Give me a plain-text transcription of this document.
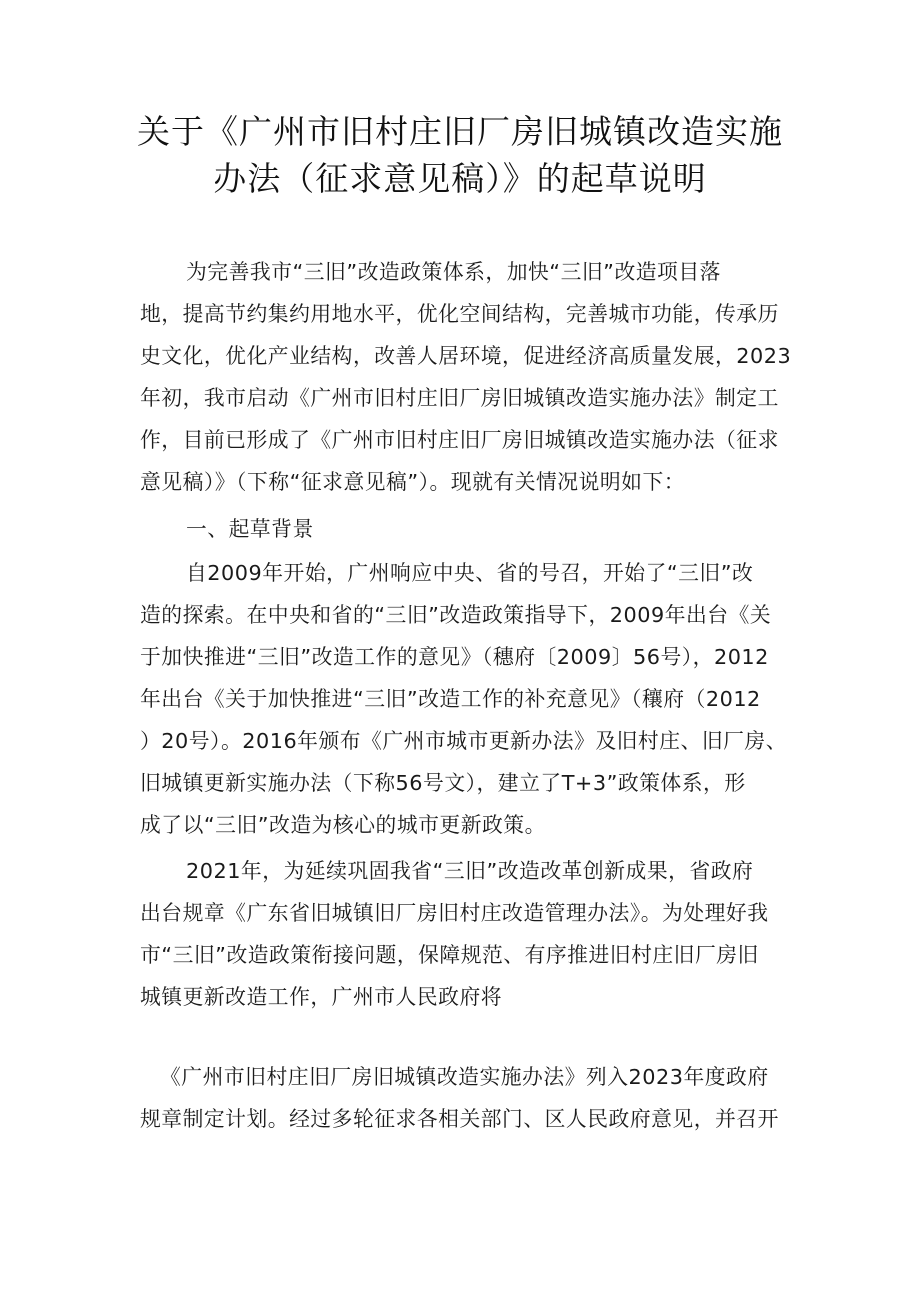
关于《广州市旧村庄旧厂房旧城镇改造实施
办法（征求意见稿）》的起草说明
为完善我市“三旧”改造政策体系，加快“三旧”改造项目落
地，提高节约集约用地水平，优化空间结构，完善城市功能，传承历
史文化，优化产业结构，改善人居环境，促进经济高质量发展，2023
年初，我市启动《广州市旧村庄旧厂房旧城镇改造实施办法》制定工
作，目前已形成了《广州市旧村庄旧厂房旧城镇改造实施办法（征求
意见稿）》（下称“征求意见稿”）。现就有关情况说明如下：
一、起草背景
自2009年开始，广州响应中央、省的号召，开始了“三旧”改
造的探索。在中央和省的“三旧”改造政策指导下，2009年出台《关
于加快推进“三旧”改造工作的意见》（穗府〔2009〕56号），2012
年出台《关于加快推进“三旧”改造工作的补充意见》（穰府（2012
）20号）。2016年颁布《广州市城市更新办法》及旧村庄、旧厂房、
旧城镇更新实施办法（下称56号文），建立了T+3”政策体系，形
成了以“三旧”改造为核心的城市更新政策。
2021年，为延续巩固我省“三旧”改造改革创新成果，省政府
出台规章《广东省旧城镇旧厂房旧村庄改造管理办法》。为处理好我
市“三旧”改造政策衔接问题，保障规范、有序推进旧村庄旧厂房旧
城镇更新改造工作，广州市人民政府将
《广州市旧村庄旧厂房旧城镇改造实施办法》列入2023年度政府
规章制定计划。经过多轮征求各相关部门、区人民政府意见，并召开
